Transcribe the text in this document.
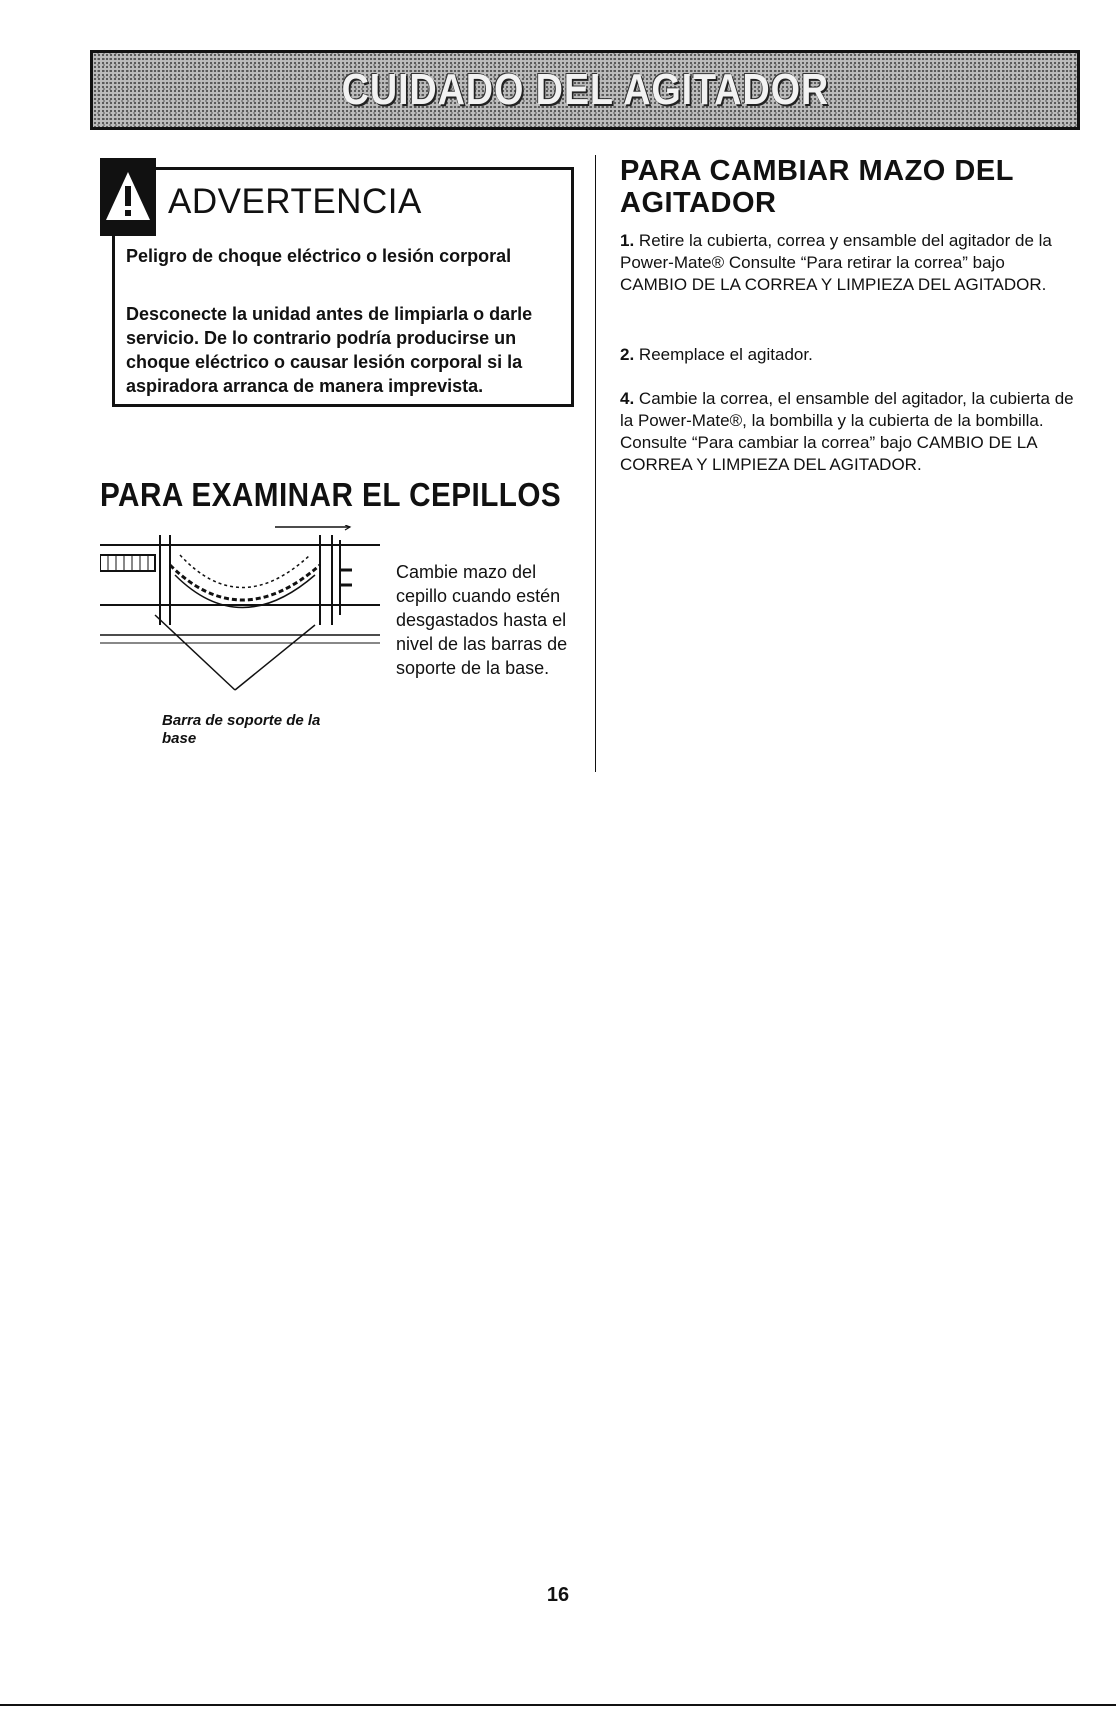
CUIDADO DEL AGITADOR
ADVERTENCIA

Peligro de choque eléctrico o lesión corporal

Desconecte la unidad antes de limpiarla o darle servicio. De lo contrario podría producirse un choque eléctrico o causar lesión corporal si la aspiradora arranca de manera imprevista.

PARA EXAMINAR EL CEPILLOS

Cambie mazo del cepillo cuando estén desgastados hasta el nivel de las barras de soporte de la base.

Barra de soporte de la base

PARA CAMBIAR MAZO DEL AGITADOR

1. Retire la cubierta, correa y ensamble del agitador de la Power-Mate® Consulte “Para retirar la correa” bajo CAMBIO DE LA CORREA Y LIMPIEZA DEL AGITADOR.

2. Reemplace el agitador.

4. Cambie la correa, el ensamble del agitador, la cubierta de la Power-Mate®, la bombilla y la cubierta de la bombilla. Consulte “Para cambiar la correa” bajo CAMBIO DE LA CORREA Y LIMPIEZA DEL AGITADOR.

16
